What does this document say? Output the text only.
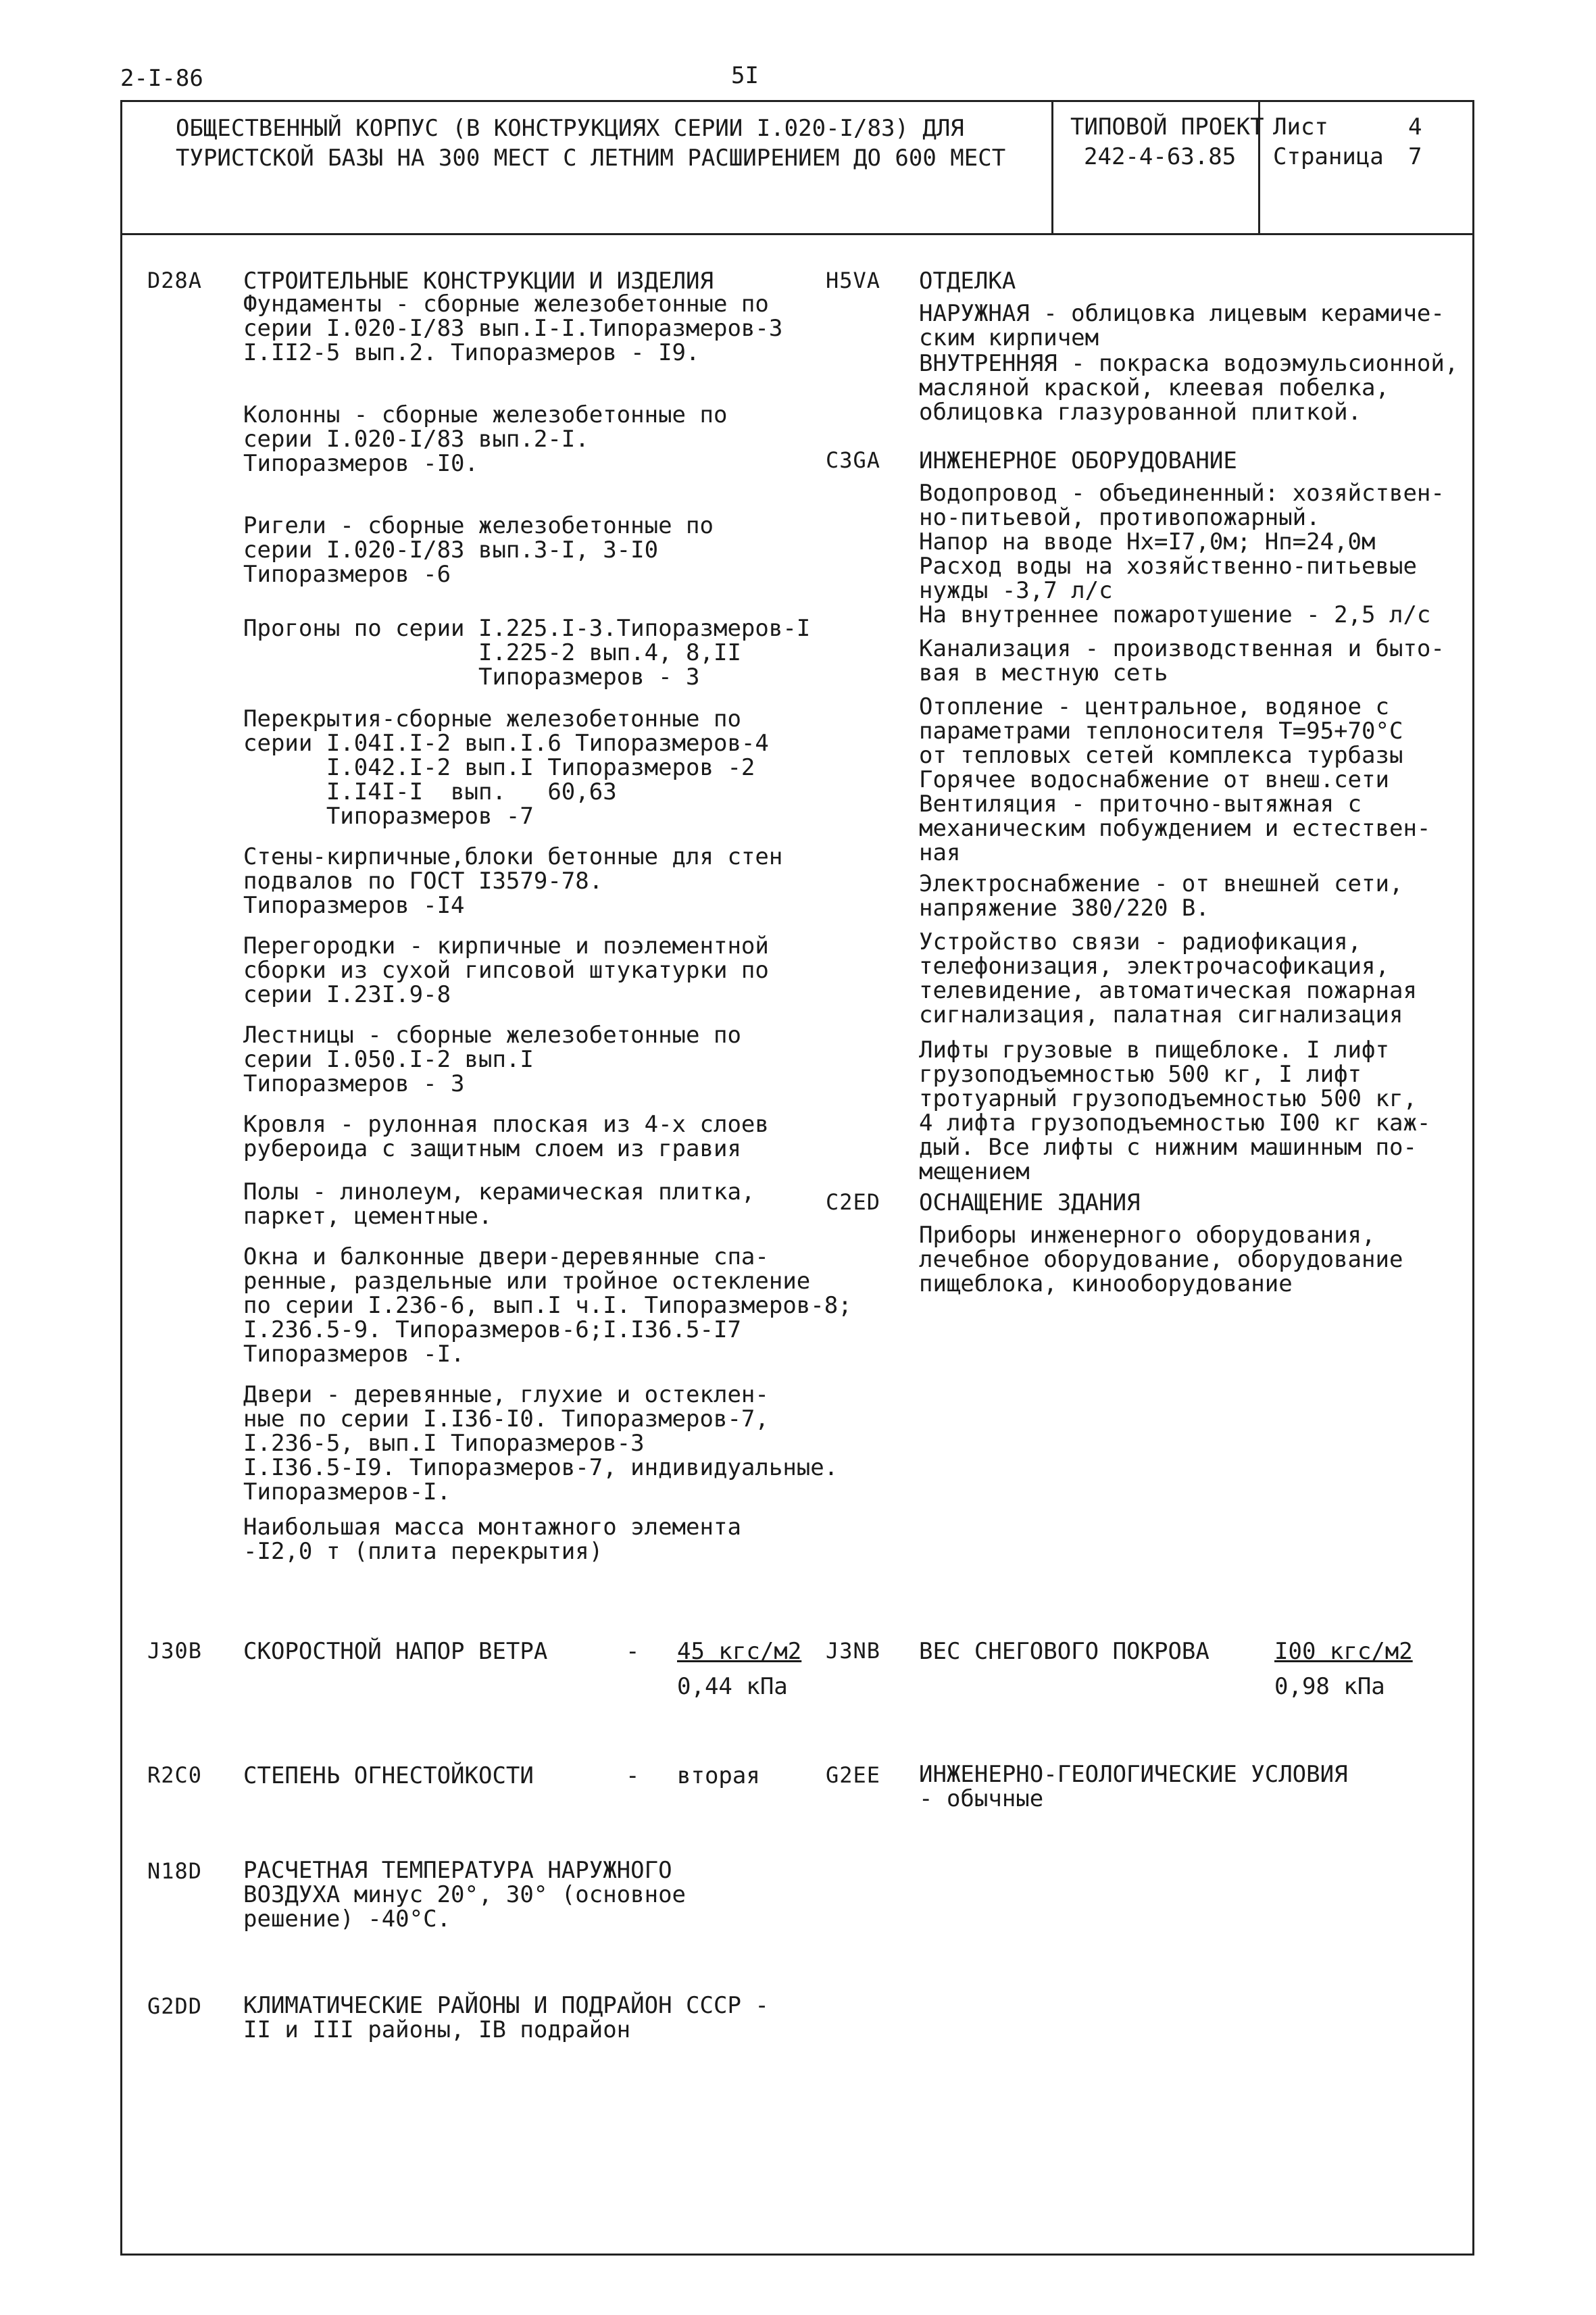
2-I-86	5I
ОБЩЕСТВЕННЫЙ КОРПУС (В КОНСТРУКЦИЯХ СЕРИИ I.020-I/83) ДЛЯ
ТУРИСТСКОЙ БАЗЫ НА 300 МЕСТ С ЛЕТНИМ РАСШИРЕНИЕМ ДО 600 МЕСТ
ТИПОВОЙ ПРОЕКТ
242-4-63.85
Лист	4
Страница 7
D28A СТРОИТЕЛЬНЫЕ КОНСТРУКЦИИ И ИЗДЕЛИЯ
Фундаменты - сборные железобетонные по
серии I.020-I/83 вып.I-I.Типоразмеров-3
I.II2-5 вып.2. Типоразмеров - I9.
Колонны - сборные железобетонные по
серии I.020-I/83 вып.2-I.
Типоразмеров -I0.
Ригели - сборные железобетонные по
серии I.020-I/83 вып.3-I, 3-I0
Типоразмеров -6
Прогоны по серии I.225.I-3.Типоразмеров-I
I.225-2 вып.4, 8,II
Типоразмеров - 3
Перекрытия-сборные железобетонные по
серии I.04I.I-2 вып.I.6 Типоразмеров-4
I.042.I-2 вып.I Типоразмеров -2
I.I4I-I  вып.   60,63
Типоразмеров -7
Стены-кирпичные,блоки бетонные для стен
подвалов по ГОСТ I3579-78.
Типоразмеров -I4
Перегородки - кирпичные и поэлементной
сборки из сухой гипсовой штукатурки по
серии I.23I.9-8
Лестницы - сборные железобетонные по
серии I.050.I-2 вып.I
Типоразмеров - 3
Кровля - рулонная плоская из 4-х слоев
рубероида с защитным слоем из гравия
Полы - линолеум, керамическая плитка,
паркет, цементные.
Окна и балконные двери-деревянные спа-
ренные, раздельные или тройное остекление
по серии I.236-6, вып.I ч.I. Типоразмеров-8;
I.236.5-9. Типоразмеров-6;I.I36.5-I7
Типоразмеров -I.
Двери - деревянные, глухие и остеклен-
ные по серии I.I36-I0. Типоразмеров-7,
I.236-5, вып.I Типоразмеров-3
I.I36.5-I9. Типоразмеров-7, индивидуальные.
Типоразмеров-I.
Наибольшая масса монтажного элемента
-I2,0 т (плита перекрытия)
H5VA ОТДЕЛКА
НАРУЖНАЯ - облицовка лицевым керамиче-
ским кирпичем
ВНУТРЕННЯЯ - покраска водоэмульсионной,
масляной краской, клеевая побелка,
облицовка глазурованной плиткой.
C3GA ИНЖЕНЕРНОЕ ОБОРУДОВАНИЕ
Водопровод - объединенный: хозяйствен-
но-питьевой, противопожарный.
Напор на вводе Нх=I7,0м; Нп=24,0м
Расход воды на хозяйственно-питьевые
нужды -3,7 л/с
На внутреннее пожаротушение - 2,5 л/с
Канализация - производственная и быто-
вая в местную сеть
Отопление - центральное, водяное с
параметрами теплоносителя Т=95+70°С
от тепловых сетей комплекса турбазы
Горячее водоснабжение от внеш.сети
Вентиляция - приточно-вытяжная с
механическим побуждением и естествен-
ная
Электроснабжение - от внешней сети,
напряжение 380/220 В.
Устройство связи - радиофикация,
телефонизация, электрочасофикация,
телевидение, автоматическая пожарная
сигнализация, палатная сигнализация
Лифты грузовые в пищеблоке. I лифт
грузоподъемностью 500 кг, I лифт
тротуарный грузоподъемностью 500 кг,
4 лифта грузоподъемностью I00 кг каж-
дый. Все лифты с нижним машинным по-
мещением
C2ED ОСНАЩЕНИЕ ЗДАНИЯ
Приборы инженерного оборудования,
лечебное оборудование, оборудование
пищеблока, кинооборудование
J30B СКОРОСТНОЙ НАПОР ВЕТРА	- 45 кгс/м2
0,44 кПа
J3NB ВЕС СНЕГОВОГО ПОКРОВА	I00 кгс/м2
0,98 кПа
R2C0 СТЕПЕНЬ ОГНЕСТОЙКОСТИ	- вторая	G2EE ИНЖЕНЕРНО-ГЕОЛОГИЧЕСКИЕ УСЛОВИЯ
- обычные
N18D РАСЧЕТНАЯ ТЕМПЕРАТУРА НАРУЖНОГО
ВОЗДУХА минус 20°, 30° (основное
решение) -40°С.
G2DD КЛИМАТИЧЕСКИЕ РАЙОНЫ И ПОДРАЙОН СССР -
II и III районы, IВ подрайон
